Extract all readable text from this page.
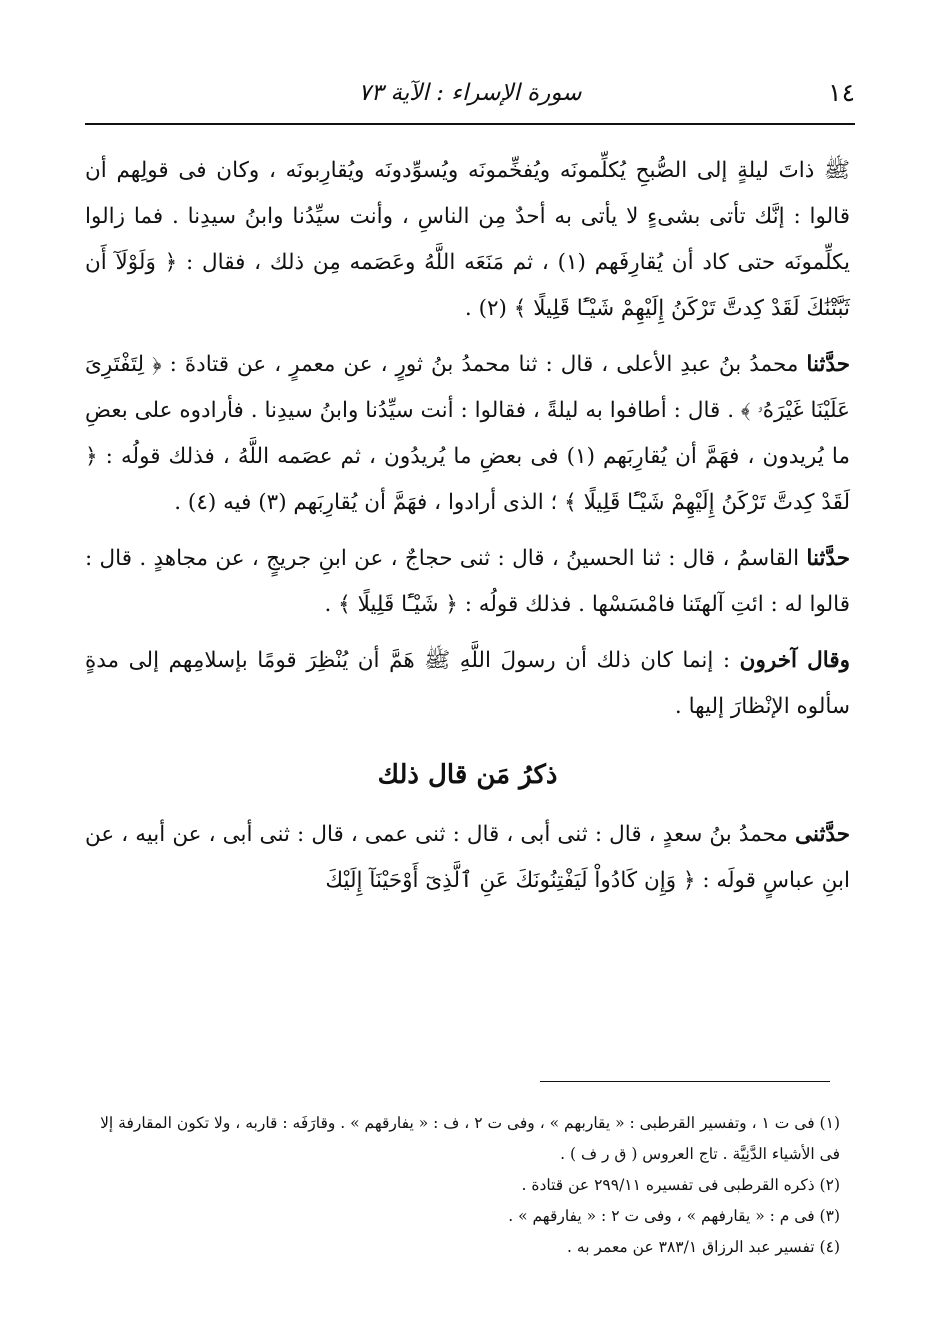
١٤
سورة الإسراء : الآية ٧٣

ﷺ ذاتَ ليلةٍ إلى الصُّبحِ يُكلِّمونَه ويُفخِّمونَه ويُسوِّدونَه ويُقارِبونَه ، وكان فى قولِهم أن قالوا : إنَّك تأتى بشىءٍ لا يأتى به أحدٌ مِن الناسِ ، وأنت سيِّدُنا وابنُ سيدِنا . فما زالوا يكلِّمونَه حتى كاد أن يُقارِفَهم (١) ، ثم مَنَعَه اللَّهُ وعَصَمه مِن ذلك ، فقال : ﴿ وَلَوْلَآ أَن ثَبَّتْنَٰكَ لَقَدْ كِدتَّ تَرْكَنُ إِلَيْهِمْ شَيْـًٔا قَلِيلًا ﴾ (٢) .

حدَّثنا محمدُ بنُ عبدِ الأعلى ، قال : ثنا محمدُ بنُ ثورٍ ، عن معمرٍ ، عن قتادةَ : ﴿ لِتَفْتَرِىَ عَلَيْنَا غَيْرَهُۥ ﴾ . قال : أطافوا به ليلةً ، فقالوا : أنت سيِّدُنا وابنُ سيدِنا . فأرادوه على بعضِ ما يُريدون ، فهَمَّ أن يُقارِبَهم (١) فى بعضِ ما يُريدُون ، ثم عصَمه اللَّهُ ، فذلك قولُه : ﴿ لَقَدْ كِدتَّ تَرْكَنُ إِلَيْهِمْ شَيْـًٔا قَلِيلًا ﴾ ؛ الذى أرادوا ، فهَمَّ أن يُقارِبَهم (٣) فيه (٤) .

حدَّثنا القاسمُ ، قال : ثنا الحسينُ ، قال : ثنى حجاجٌ ، عن ابنِ جريجٍ ، عن مجاهدٍ . قال : قالوا له : ائتِ آلهتَنا فامْسَسْها . فذلك قولُه : ﴿ شَيْـًٔا قَلِيلًا ﴾ .

وقال آخرون : إنما كان ذلك أن رسولَ اللَّهِ ﷺ هَمَّ أن يُنْظِرَ قومًا بإسلامِهم إلى مدةٍ سألوه الإنْظارَ إليها .

ذكرُ مَن قال ذلك

حدَّثنى محمدُ بنُ سعدٍ ، قال : ثنى أبى ، قال : ثنى عمى ، قال : ثنى أبى ، عن أبيه ، عن ابنِ عباسٍ قولَه : ﴿ وَإِن كَادُواْ لَيَفْتِنُونَكَ عَنِ ٱلَّذِىٓ أَوْحَيْنَآ إِلَيْكَ

(١) فى ت ١ ، وتفسير القرطبى : « يقاربهم » ، وفى ت ٢ ، ف : « يفارقهم » . وقارَفَه : قاربه ، ولا تكون المقارفة إلا فى الأشياء الدَّنِيَّة . تاج العروس ( ق ر ف ) .

(٢) ذكره القرطبى فى تفسيره ٢٩٩/١١ عن قتادة .

(٣) فى م : « يقارفهم » ، وفى ت ٢ : « يفارقهم » .

(٤) تفسير عبد الرزاق ٣٨٣/١ عن معمر به .
